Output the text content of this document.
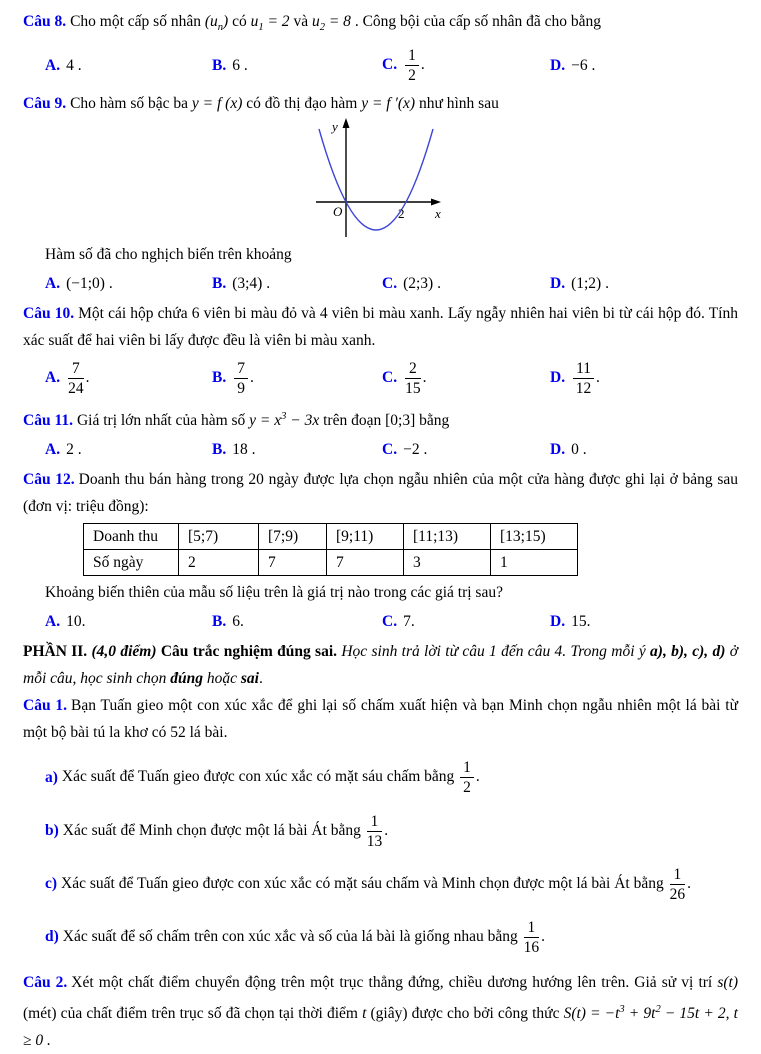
Câu 8. Cho một cấp số nhân $(u_n)$ có $u_1 = 2$ và $u_2 = 8$ . Công bội của cấp số nhân đã cho bằng

A. 4 .	B. 6 .	C. $\frac{1}{2}$ .	D. −6 .

Câu 9. Cho hàm số bậc ba y = f (x) có đồ thị đạo hàm y = f ′(x) như hình sau

y
x
O	2

Hàm số đã cho nghịch biến trên khoảng

A. (−1;0) .	B. (3;4) .	C. (2;3) .	D. (1;2) .

Câu 10. Một cái hộp chứa 6 viên bi màu đỏ và 4 viên bi màu xanh. Lấy ngẫy nhiên hai viên bi từ cái hộp đó. Tính xác suất để hai viên bi lấy được đều là viên bi màu xanh.

A. $\frac{7}{24}$ .	B. $\frac{7}{9}$ .	C. $\frac{2}{15}$ .	D. $\frac{11}{12}$ .

Câu 11. Giá trị lớn nhất của hàm số $y = x^3 - 3x$ trên đoạn [0;3] bằng

A. 2 .	B. 18 .	C. −2 .	D. 0 .

Câu 12. Doanh thu bán hàng trong 20 ngày được lựa chọn ngẫu nhiên của một cửa hàng được ghi lại ở bảng sau (đơn vị: triệu đồng):

Doanh thu	[5;7)	[7;9)	[9;11)	[11;13)	[13;15)
Số ngày	2	7	7	3	1

Khoảng biến thiên của mẫu số liệu trên là giá trị nào trong các giá trị sau?

A. 10.	B. 6.	C. 7.	D. 15.

PHẦN II. (4,0 điểm) Câu trắc nghiệm đúng sai. Học sinh trả lời từ câu 1 đến câu 4. Trong mỗi ý a), b), c), d) ở mỗi câu, học sinh chọn đúng hoặc sai.

Câu 1. Bạn Tuấn gieo một con xúc xắc để ghi lại số chấm xuất hiện và bạn Minh chọn ngẫu nhiên một lá bài từ một bộ bài tú la khơ có 52 lá bài.

a) Xác suất để Tuấn gieo được con xúc xắc có mặt sáu chấm bằng $\frac{1}{2}$ .
b) Xác suất để Minh chọn được một lá bài Át bằng $\frac{1}{13}$ .
c) Xác suất để Tuấn gieo được con xúc xắc có mặt sáu chấm và Minh chọn được một lá bài Át bằng $\frac{1}{26}$ .
d) Xác suất để số chấm trên con xúc xắc và số của lá bài là giống nhau bằng $\frac{1}{16}$ .

Câu 2. Xét một chất điểm chuyển động trên một trục thẳng đứng, chiều dương hướng lên trên. Giả sử vị trí s(t) (mét) của chất điểm trên trục số đã chọn tại thời điểm t (giây) được cho bởi công thức $S(t) = -t^3 + 9t^2 - 15t + 2$, t ≥ 0 .
